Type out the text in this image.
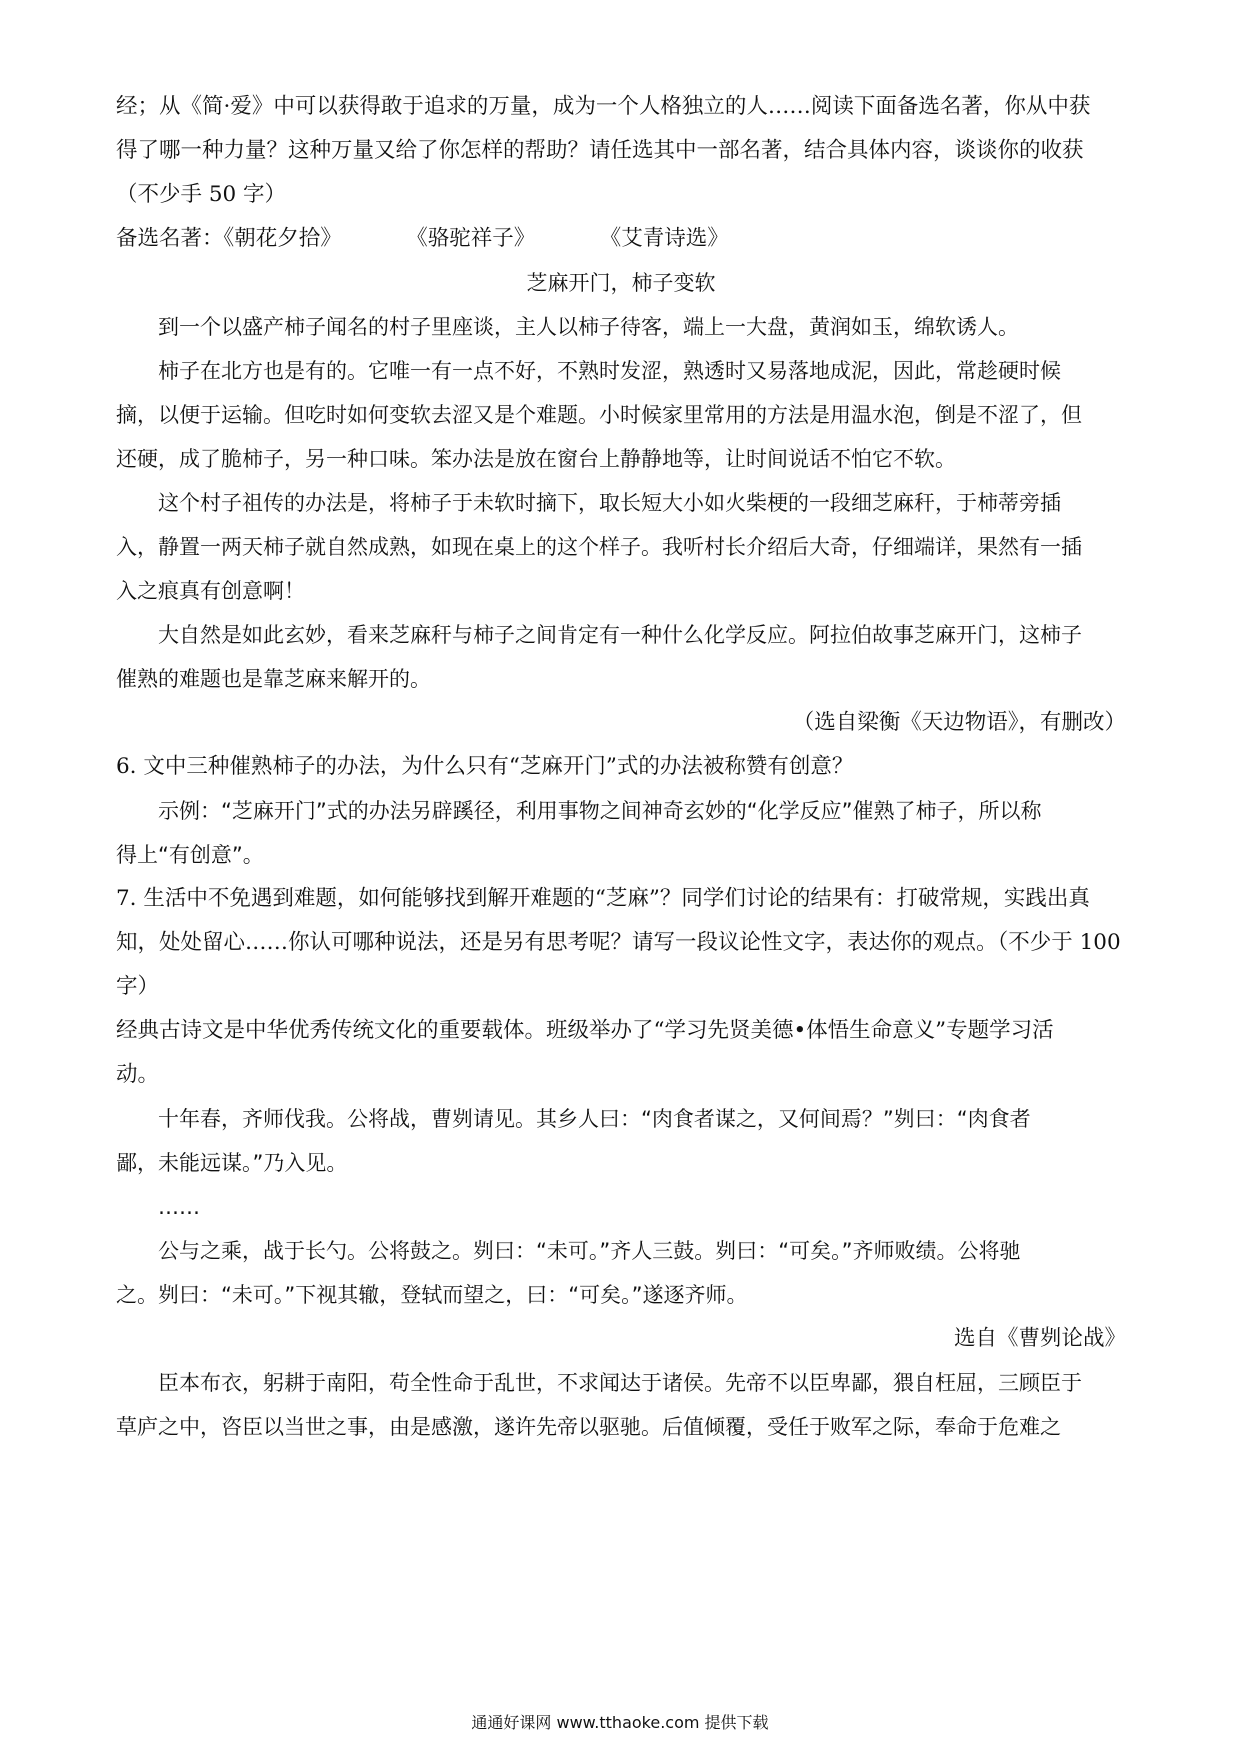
经；从《简·爱》中可以获得敢于追求的万量，成为一个人格独立的人……阅读下面备选名著，你从中获
得了哪一种力量？这种万量又给了你怎样的帮助？请任选其中一部名著，结合具体内容，谈谈你的收获
（不少手 50 字）
备选名著：《朝花夕拾》　　　　《骆驼祥子》　　　　《艾青诗选》
芝麻开门，柿子变软
到一个以盛产柿子闻名的村子里座谈，主人以柿子待客，端上一大盘，黄润如玉，绵软诱人。
柿子在北方也是有的。它唯一有一点不好，不熟时发涩，熟透时又易落地成泥，因此，常趁硬时候
摘，以便于运输。但吃时如何变软去涩又是个难题。小时候家里常用的方法是用温水泡，倒是不涩了，但
还硬，成了脆柿子，另一种口味。笨办法是放在窗台上静静地等，让时间说话不怕它不软。
这个村子祖传的办法是，将柿子于未软时摘下，取长短大小如火柴梗的一段细芝麻秆，于柿蒂旁插
入，静置一两天柿子就自然成熟，如现在桌上的这个样子。我听村长介绍后大奇，仔细端详，果然有一插
入之痕真有创意啊！
大自然是如此玄妙，看来芝麻秆与柿子之间肯定有一种什么化学反应。阿拉伯故事芝麻开门，这柿子
催熟的难题也是靠芝麻来解开的。
（选自梁衡《天边物语》，有删改）
6. 文中三种催熟柿子的办法，为什么只有“芝麻开门”式的办法被称赞有创意？
示例：“芝麻开门”式的办法另辟蹊径，利用事物之间神奇玄妙的“化学反应”催熟了柿子，所以称
得上“有创意”。
7. 生活中不免遇到难题，如何能够找到解开难题的“芝麻”？同学们讨论的结果有：打破常规，实践出真
知，处处留心……你认可哪种说法，还是另有思考呢？请写一段议论性文字，表达你的观点。（不少于 100
字）
经典古诗文是中华优秀传统文化的重要载体。班级举办了“学习先贤美德•体悟生命意义”专题学习活
动。
十年春，齐师伐我。公将战，曹刿请见。其乡人曰：“肉食者谋之，又何间焉？”刿曰：“肉食者
鄙，未能远谋。”乃入见。
……
公与之乘，战于长勺。公将鼓之。刿曰：“未可。”齐人三鼓。刿曰：“可矣。”齐师败绩。公将驰
之。刿曰：“未可。”下视其辙，登轼而望之，曰：“可矣。”遂逐齐师。
选自《曹刿论战》
臣本布衣，躬耕于南阳，苟全性命于乱世，不求闻达于诸侯。先帝不以臣卑鄙，猥自枉屈，三顾臣于
草庐之中，咨臣以当世之事，由是感激，遂许先帝以驱驰。后值倾覆，受任于败军之际，奉命于危难之
通通好课网 www.tthaoke.com 提供下载
